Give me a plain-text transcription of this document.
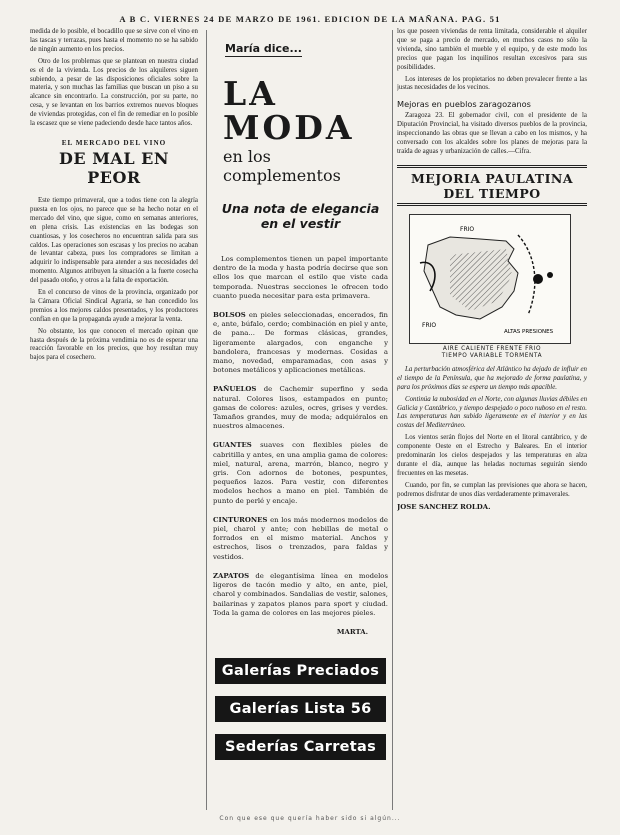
A B C. VIERNES 24 DE MARZO DE 1961. EDICION DE LA MAÑANA. PAG. 51

medida de lo posible, el bocadillo que se sirve con el vino en las tascas y terrazas, pues hasta el momento no se ha sabido de ningún aumento en los precios.

Otro de los problemas que se plantean en nuestra ciudad es el de la vivienda. Los precios de los alquileres siguen subiendo, a pesar de las disposiciones oficiales sobre la materia, y son muchas las familias que buscan un piso a su alcance sin encontrarlo. La construcción, por su parte, no cesa, y se levantan en los barrios extremos nuevos bloques de viviendas protegidas, con el fin de remediar en lo posible la escasez que se viene padeciendo desde hace tantos años.

EL MERCADO DEL VINO
DE MAL EN PEOR

Este tiempo primaveral, que a todos tiene con la alegría puesta en los ojos, no parece que se ha hecho notar en el mercado del vino, que sigue, como en semanas anteriores, en plena crisis. Las existencias en las bodegas son cuantiosas, y los cosecheros no encuentran salida para sus caldos. Las operaciones son escasas y los precios no acaban de levantar cabeza, pues los compradores se limitan a adquirir lo indispensable para atender a sus necesidades del momento. Algunos atribuyen la situación a la fuerte cosecha del pasado otoño, y otros a la falta de exportación.

En el concurso de vinos de la provincia, organizado por la Cámara Oficial Sindical Agraria, se han concedido los premios a los mejores caldos presentados, y los productores confían en que la propaganda ayude a mejorar la venta.

No obstante, los que conocen el mercado opinan que hasta después de la próxima vendimia no es de esperar una reacción favorable en los precios, que hoy resultan muy bajos para el cosechero.

María dice...
LA MODA
en los complementos
Una nota de elegancia en el vestir

Los complementos tienen un papel importante dentro de la moda y hasta podría decirse que son ellos los que marcan el estilo que viste cada temporada. Nuestras secciones le ofrecen todo cuanto pueda necesitar para esta primavera.

BOLSOS en pieles seleccionadas, encerados, fin e, ante, búfalo, cerdo; combinación en piel y ante, de pana... De formas clásicas, grandes, ligeramente alargados, con enganche y bandolera, francesas y modernas. Cosidas a mano, novedad, emparamadas, con asas y botones metálicos y aplicaciones metálicas.

PAÑUELOS de Cachemir superfino y seda natural. Colores lisos, estampados en punto; gamas de colores: azules, ocres, grises y verdes. Tamaños grandes, muy de moda; adquiéralos en nuestros almacenes.

GUANTES suaves con flexibles pieles de cabritilla y antes, en una amplia gama de colores: miel, natural, arena, marrón, blanco, negro y gris. Con adornos de botones, pespuntes, pequeños lazos. Para vestir, con diferentes modelos hechos a mano en piel. También de punto de perlé y encaje.

CINTURONES en los más modernos modelos de piel, charol y ante; con hebillas de metal o forrados en el mismo material. Anchos y estrechos, lisos o trenzados, para faldas y vestidos.

ZAPATOS de elegantísima línea en modelos ligeros de tacón medio y alto, en ante, piel, charol y combinados. Sandalias de vestir, salones, bailarinas y zapatos planos para sport y ciudad. Toda la gama de colores en las mejores pieles.

MARTA.
Galerías Preciados
Galerías Lista 56
Sederías Carretas

los que poseen viviendas de renta limitada, considerable el alquiler que se paga a precio de mercado, en muchos casos no sólo la vivienda, sino también el mueble y el equipo, y de este modo los precios que pagan los inquilinos resultan excesivos para sus posibilidades.

Los intereses de los propietarios no deben prevalecer frente a las justas necesidades de los vecinos.

Mejoras en pueblos zaragozanos

Zaragoza 23. El gobernador civil, con el presidente de la Diputación Provincial, ha visitado diversos pueblos de la provincia, inspeccionando las obras que se llevan a cabo en los mismos, y ha conversado con los alcaldes sobre los planes de mejoras para la traída de aguas y urbanización de calles.—Cifra.

MEJORIA PAULATINA DEL TIEMPO
FRIO
FRIO
ALTAS PRESIONES
AIRE CALIENTE FRENTE FRIO
TIEMPO VARIABLE TORMENTA

La perturbación atmosférica del Atlántico ha dejado de influir en el tiempo de la Península, que ha mejorado de forma paulatina, y para los próximos días se espera un tiempo más apacible.

Continúa la nubosidad en el Norte, con algunas lluvias débiles en Galicia y Cantábrico, y tiempo despejado o poco nuboso en el resto. Las temperaturas han subido ligeramente en el interior y en las costas del Mediterráneo.

Los vientos serán flojos del Norte en el litoral cantábrico, y de componente Oeste en el Estrecho y Baleares. En el interior predominarán los cielos despejados y las temperaturas en alza durante el día, aunque las heladas nocturnas seguirán siendo frecuentes en las mesetas.

Cuando, por fin, se cumplan las previsiones que ahora se hacen, podremos disfrutar de unos días verdaderamente primaverales.

JOSE SANCHEZ ROLDA.

Con que ese que quería haber sido si algún...
